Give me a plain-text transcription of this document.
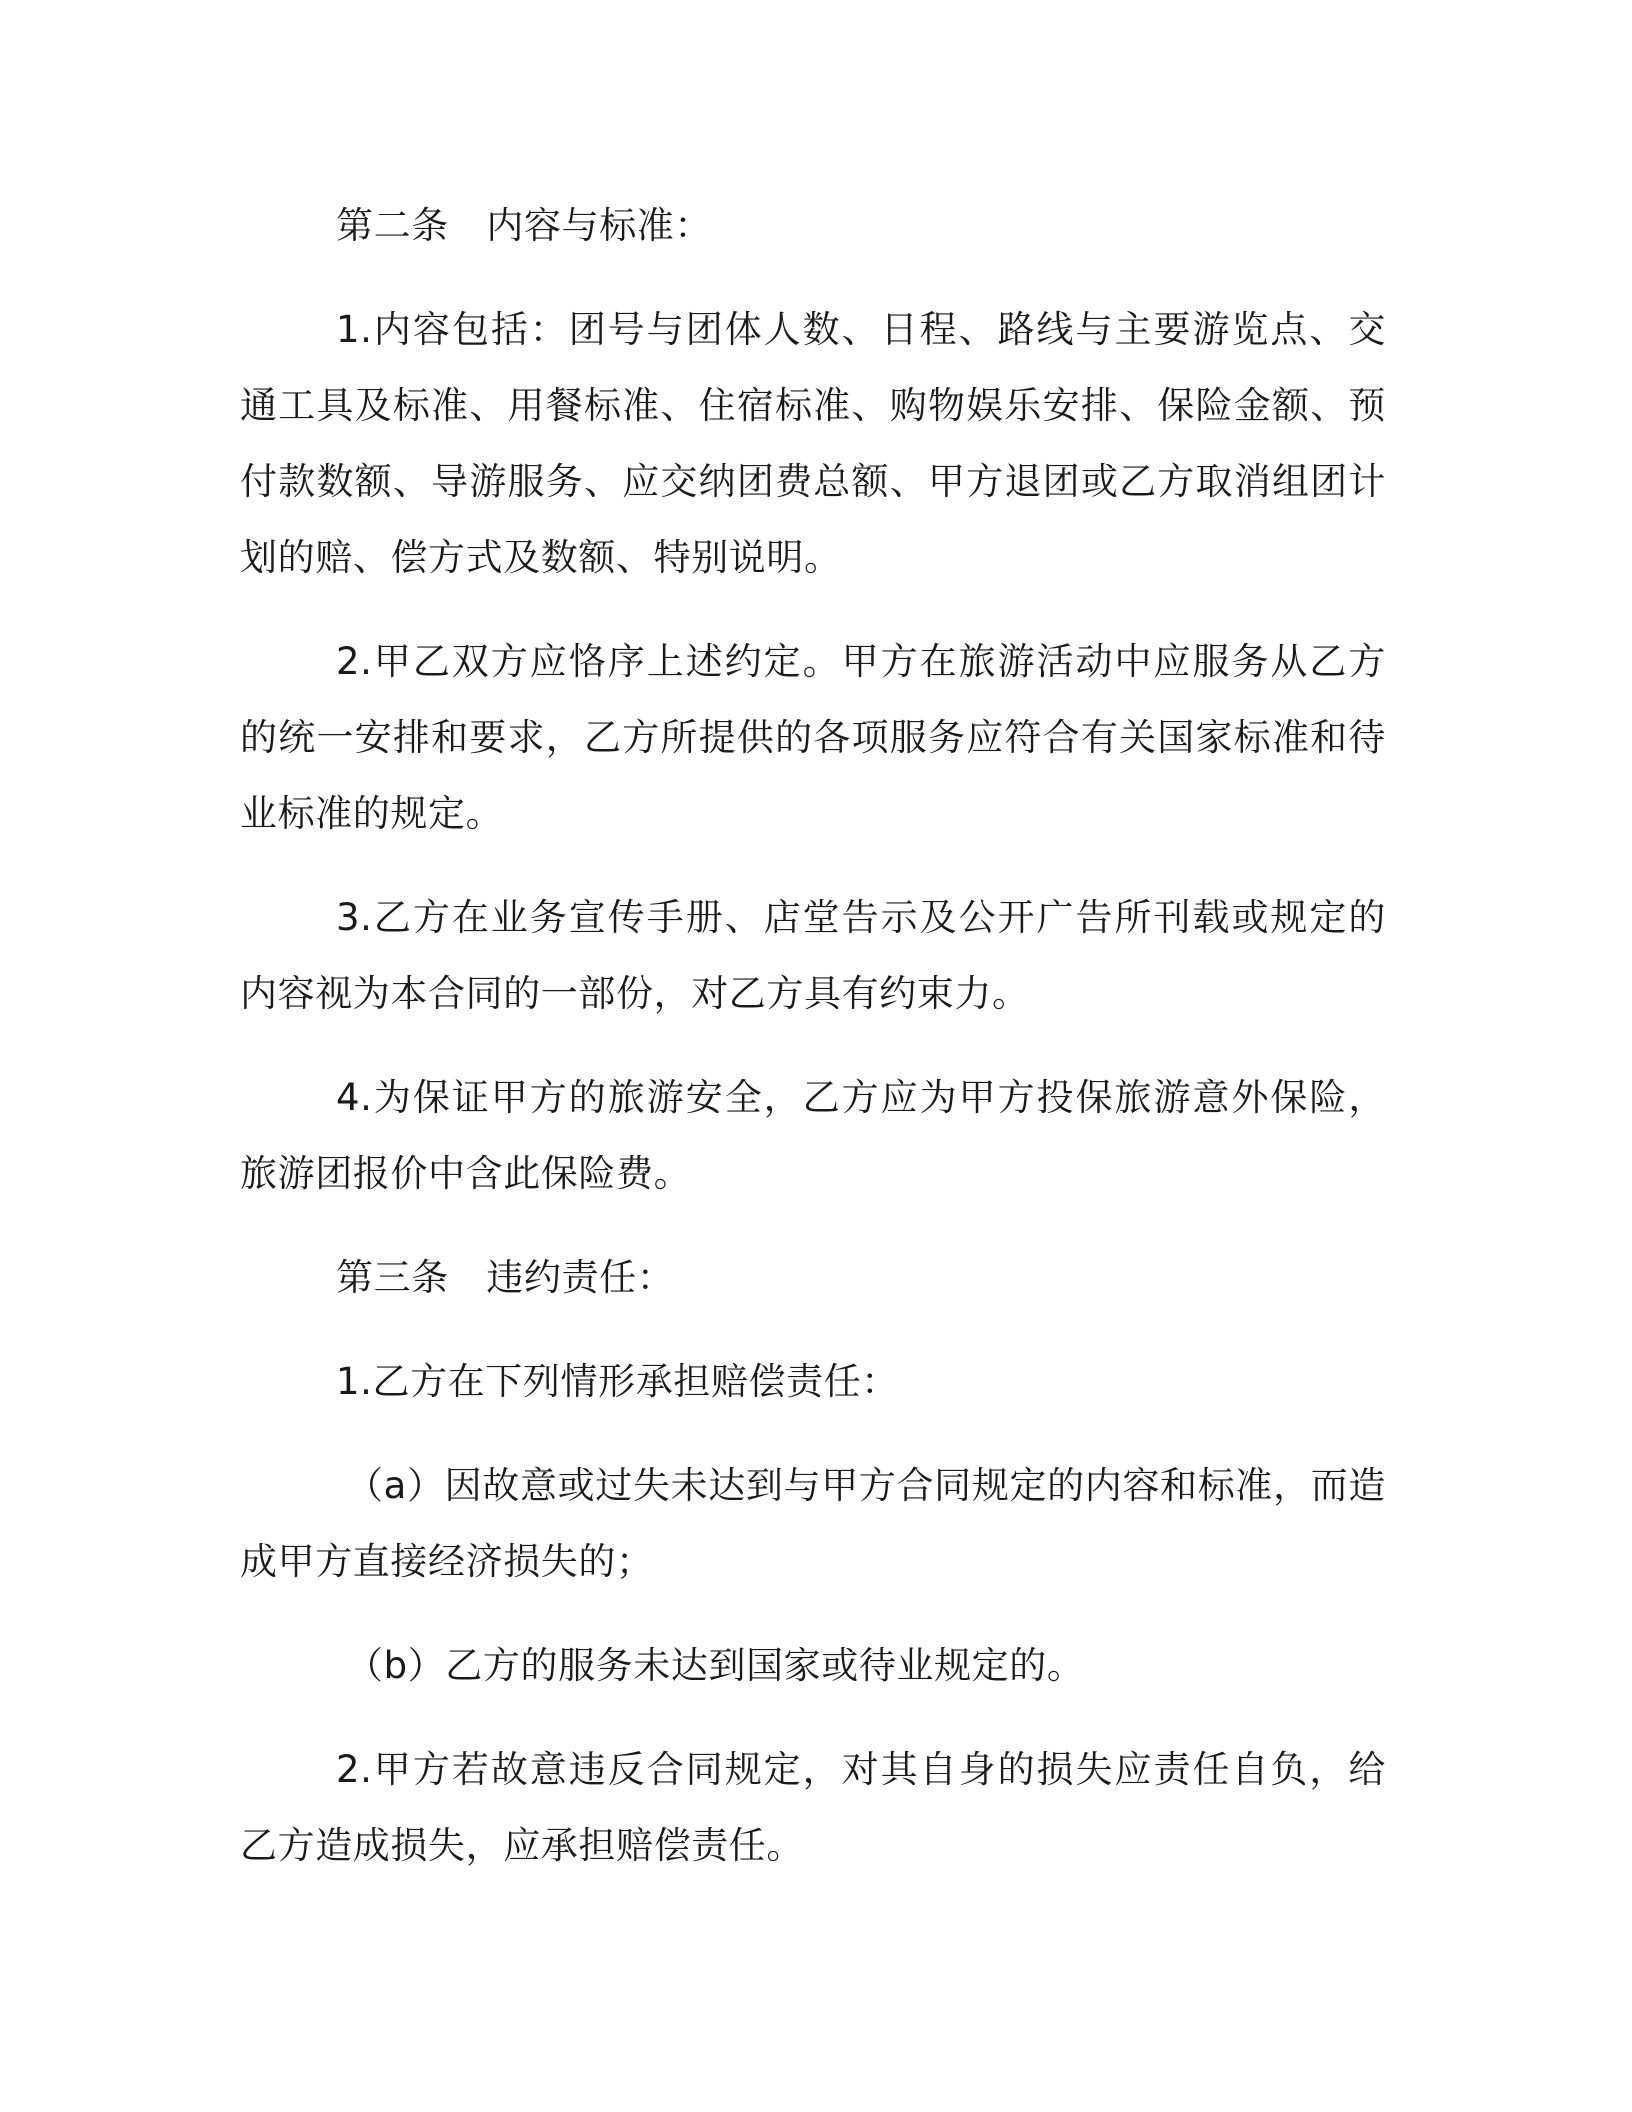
第二条　内容与标准：

1.内容包括：团号与团体人数、日程、路线与主要游览点、交通工具及标准、用餐标准、住宿标准、购物娱乐安排、保险金额、预付款数额、导游服务、应交纳团费总额、甲方退团或乙方取消组团计划的赔、偿方式及数额、特别说明。

2.甲乙双方应恪序上述约定。甲方在旅游活动中应服务从乙方的统一安排和要求，乙方所提供的各项服务应符合有关国家标准和待业标准的规定。

3.乙方在业务宣传手册、店堂告示及公开广告所刊载或规定的内容视为本合同的一部份，对乙方具有约束力。

4.为保证甲方的旅游安全，乙方应为甲方投保旅游意外保险，旅游团报价中含此保险费。

第三条　违约责任：

1.乙方在下列情形承担赔偿责任：

（a）因故意或过失未达到与甲方合同规定的内容和标准，而造成甲方直接经济损失的；

（b）乙方的服务未达到国家或待业规定的。

2.甲方若故意违反合同规定，对其自身的损失应责任自负，给乙方造成损失，应承担赔偿责任。
